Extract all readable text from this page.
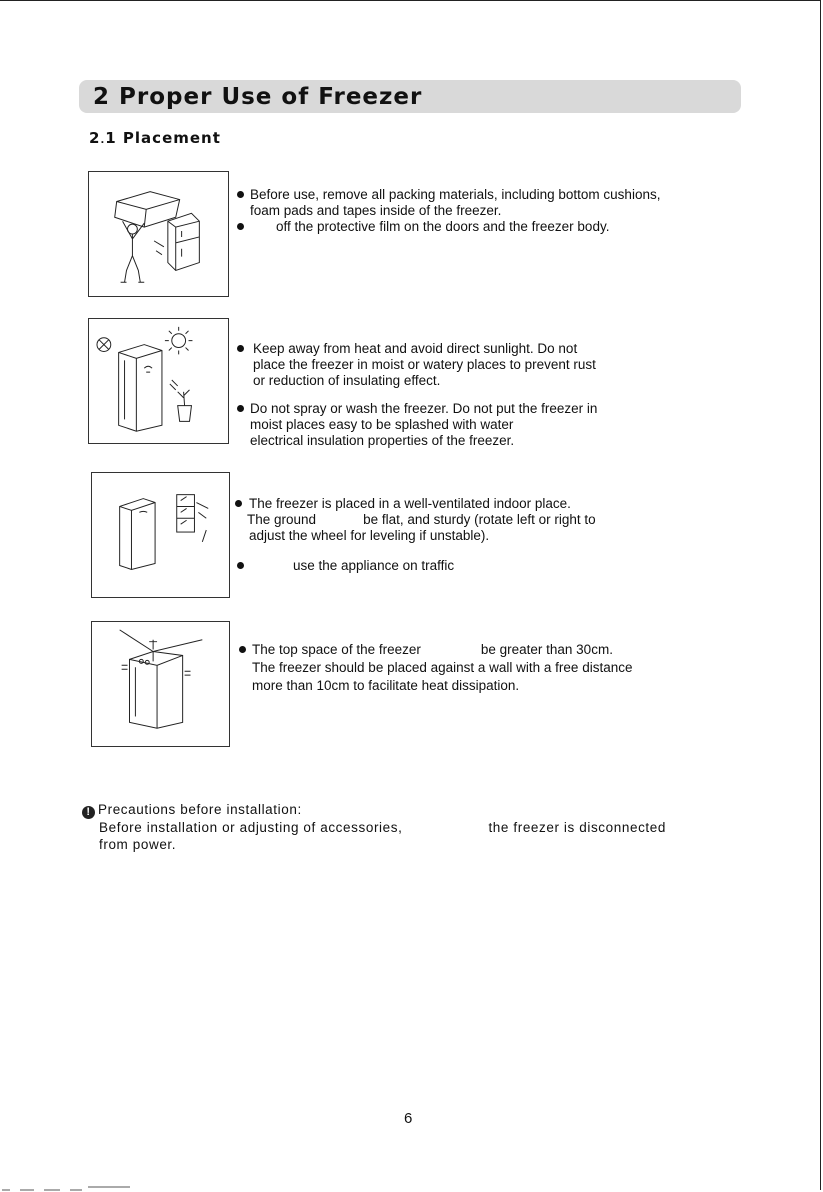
2 Proper Use of Freezer
2.1 Placement
Before use, remove all packing materials, including bottom cushions,
foam pads and tapes inside of the freezer.
off the protective film on the doors and the freezer body.
Keep away from heat and avoid direct sunlight. Do not
place the freezer in moist or watery places to prevent rust
or reduction of insulating effect.
Do not spray or wash the freezer. Do not put the freezer in
moist places easy to be splashed with water
electrical insulation properties of the freezer.
The freezer is placed in a well-ventilated indoor place.
The ground	be flat, and sturdy (rotate left or right to
adjust the wheel for leveling if unstable).
use the appliance on traffic
The top space of the freezer	be greater than 30cm.
The freezer should be placed against a wall with a free distance
more than 10cm to facilitate heat dissipation.
! Precautions before installation:
Before installation or adjusting of accessories,	the freezer is disconnected
from power.
6
